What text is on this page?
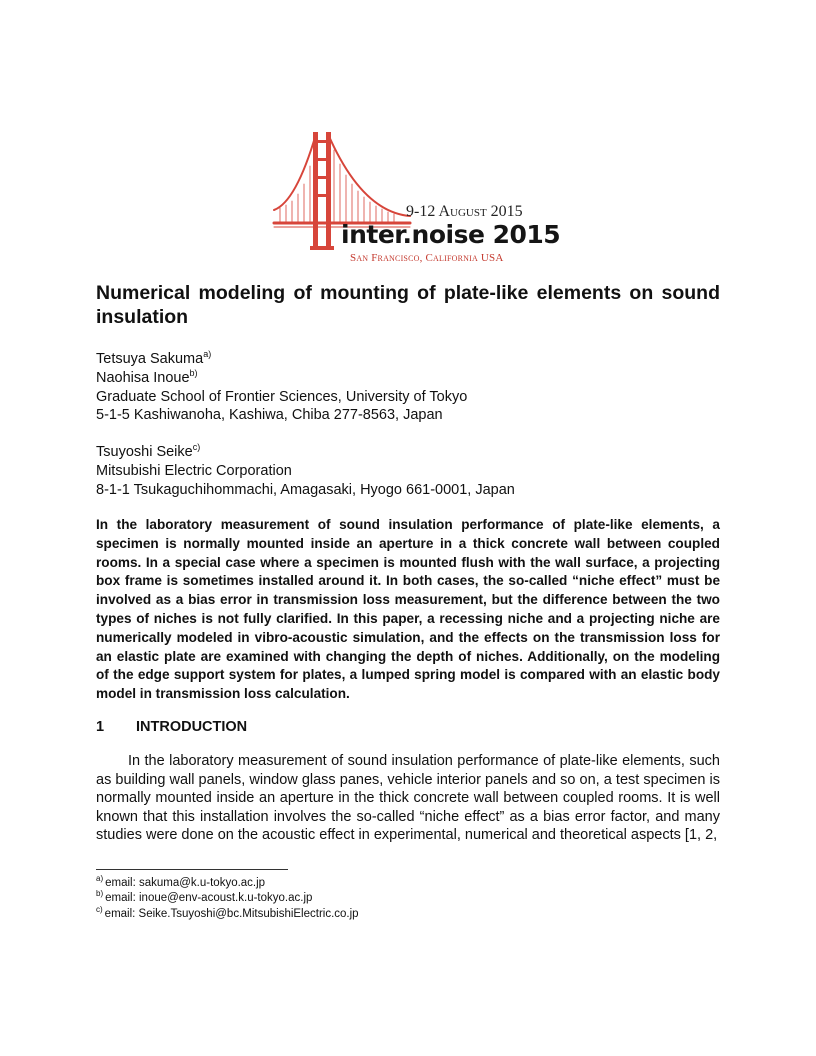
9-12 August 2015
inter.noise 2015
San Francisco, California USA
Numerical modeling of mounting of plate-like elements on sound insulation
Tetsuya Sakuma$^{a)}$
Naohisa Inoue$^{b)}$
Graduate School of Frontier Sciences, University of Tokyo
5-1-5 Kashiwanoha, Kashiwa, Chiba 277-8563, Japan
Tsuyoshi Seike$^{c)}$
Mitsubishi Electric Corporation
8-1-1 Tsukaguchihommachi, Amagasaki, Hyogo 661-0001, Japan

In the laboratory measurement of sound insulation performance of plate-like elements, a specimen is normally mounted inside an aperture in a thick concrete wall between coupled rooms. In a special case where a specimen is mounted flush with the wall surface, a projecting box frame is sometimes installed around it. In both cases, the so-called “niche effect” must be involved as a bias error in transmission loss measurement, but the difference between the two types of niches is not fully clarified. In this paper, a recessing niche and a projecting niche are numerically modeled in vibro-acoustic simulation, and the effects on the transmission loss for an elastic plate are examined with changing the depth of niches. Additionally, on the modeling of the edge support system for plates, a lumped spring model is compared with an elastic body model in transmission loss calculation.

1 INTRODUCTION

In the laboratory measurement of sound insulation performance of plate-like elements, such as building wall panels, window glass panes, vehicle interior panels and so on, a test specimen is normally mounted inside an aperture in the thick concrete wall between coupled rooms. It is well known that this installation involves the so-called “niche effect” as a bias error factor, and many studies were done on the acoustic effect in experimental, numerical and theoretical aspects [1, 2,

$^{a)}$ email: sakuma@k.u-tokyo.ac.jp
$^{b)}$ email: inoue@env-acoust.k.u-tokyo.ac.jp
$^{c)}$ email: Seike.Tsuyoshi@bc.MitsubishiElectric.co.jp
